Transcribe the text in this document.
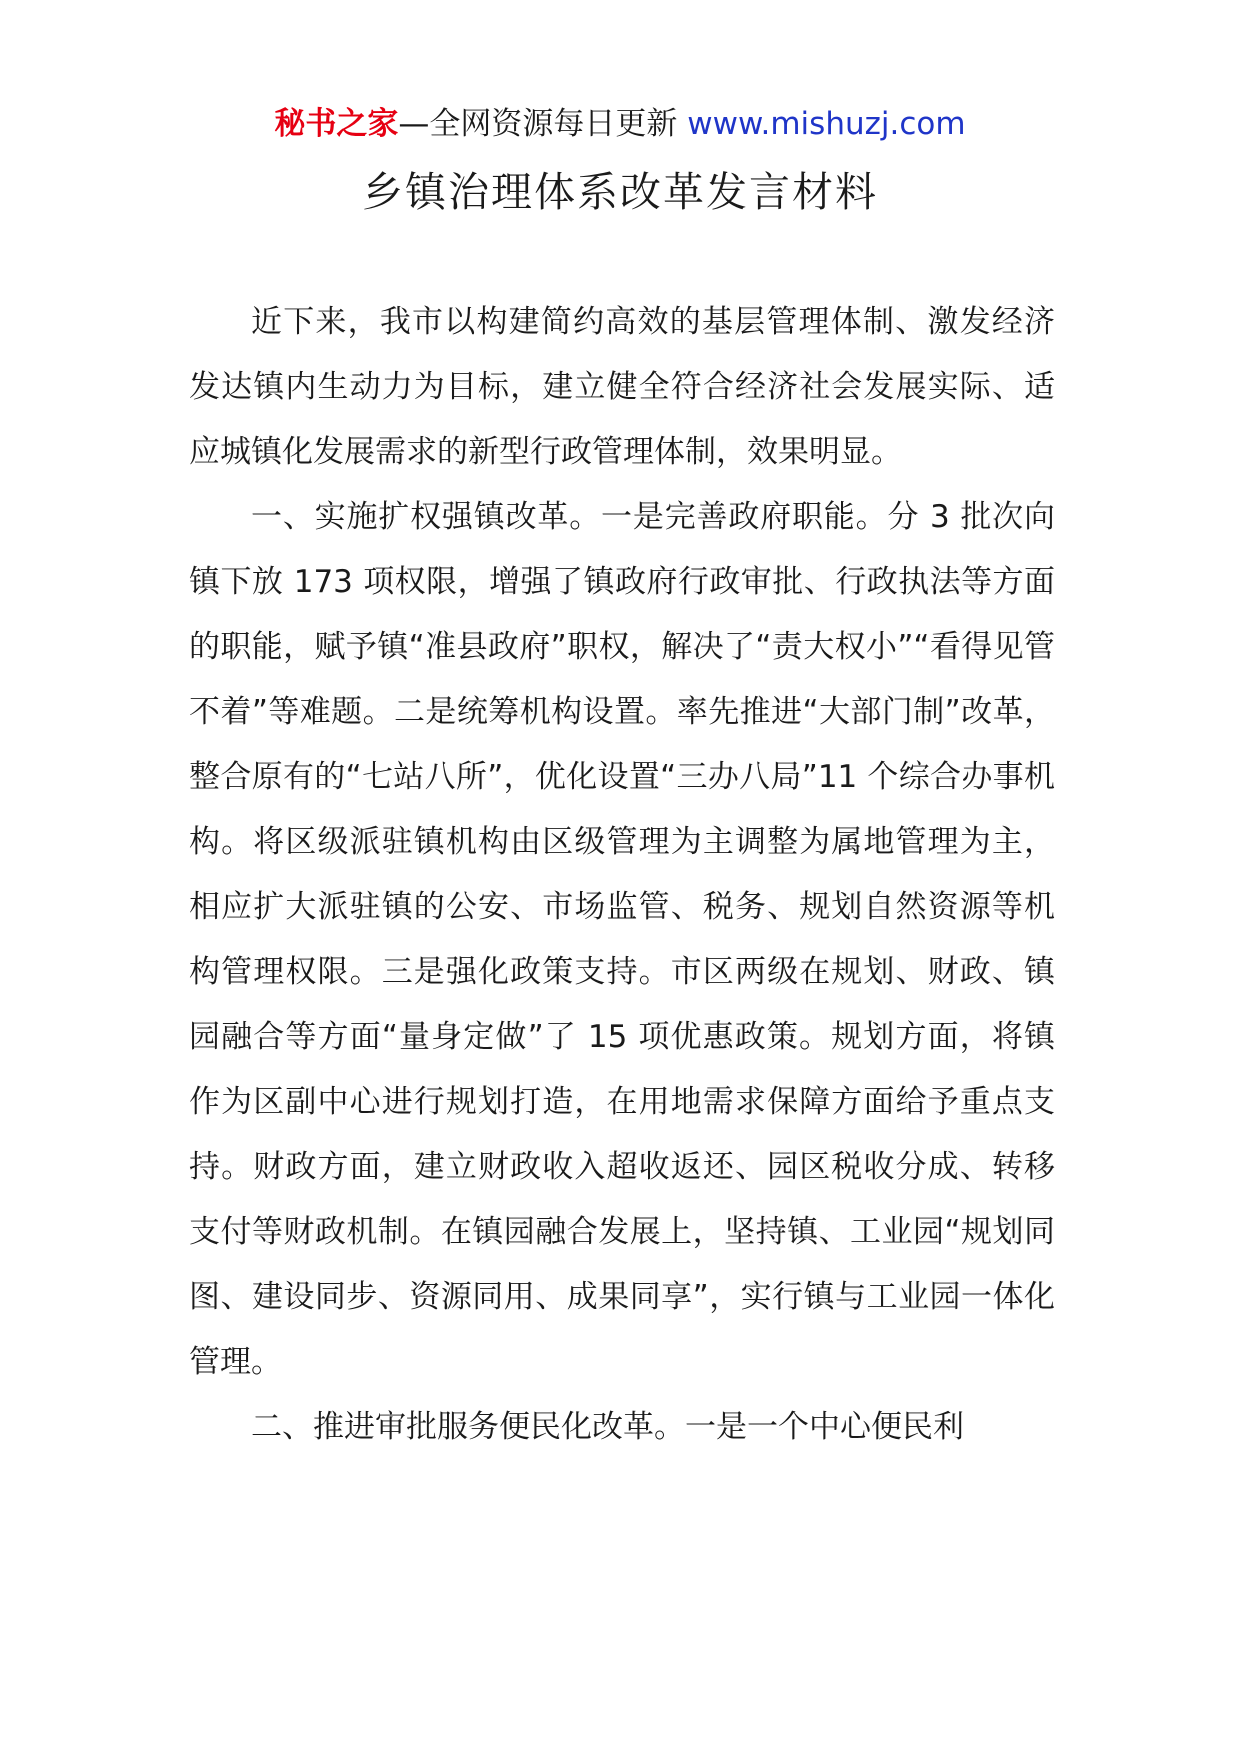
秘书之家—全网资源每日更新 www.mishuzj.com
乡镇治理体系改革发言材料

近下来，我市以构建简约高效的基层管理体制、激发经济发达镇内生动力为目标，建立健全符合经济社会发展实际、适应城镇化发展需求的新型行政管理体制，效果明显。

一、实施扩权强镇改革。一是完善政府职能。分 3 批次向镇下放 173 项权限，增强了镇政府行政审批、行政执法等方面的职能，赋予镇“准县政府”职权，解决了“责大权小”“看得见管不着”等难题。二是统筹机构设置。率先推进“大部门制”改革，整合原有的“七站八所”，优化设置“三办八局”11 个综合办事机构。将区级派驻镇机构由区级管理为主调整为属地管理为主，相应扩大派驻镇的公安、市场监管、税务、规划自然资源等机构管理权限。三是强化政策支持。市区两级在规划、财政、镇园融合等方面“量身定做”了 15 项优惠政策。规划方面，将镇作为区副中心进行规划打造，在用地需求保障方面给予重点支持。财政方面，建立财政收入超收返还、园区税收分成、转移支付等财政机制。在镇园融合发展上，坚持镇、工业园“规划同图、建设同步、资源同用、成果同享”，实行镇与工业园一体化管理。

二、推进审批服务便民化改革。一是一个中心便民利
